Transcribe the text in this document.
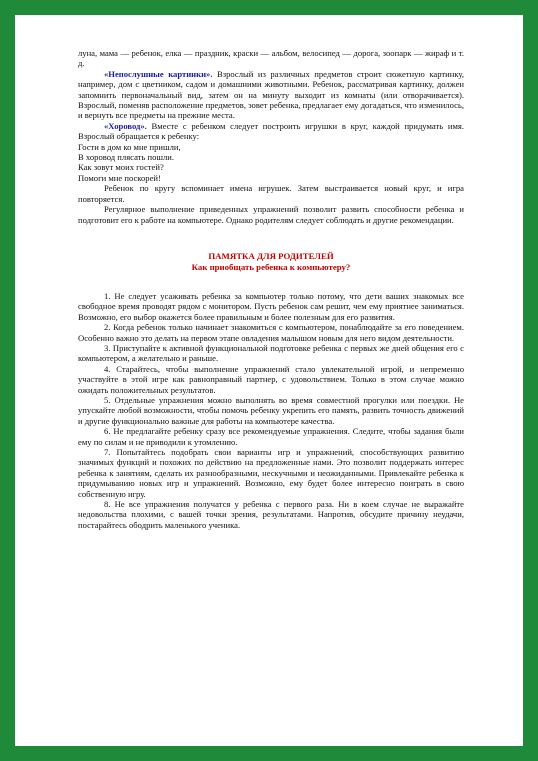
луна, мама — ребенок, елка — праздник, краски — альбом, велосипед — дорога, зоопарк — жираф и т. д.

«Непослушные картинки». Взрослый из различных предметов строит сюжетную картинку, например, дом с цветником, садом и домашними животными. Ребенок, рассматривая картинку, должен запомнить первоначальный вид, затем он на минуту выходит из комнаты (или отворачивается). Взрослый, поменяв расположение предметов, зовет ребенка, предлагает ему догадаться, что изменилось, и вернуть все предметы на прежние места.

«Хоровод». Вместе с ребенком следует построить игрушки в круг, каждой придумать имя. Взрослый обращается к ребенку:

Гости в дом ко мне пришли,

В хоровод плясать пошли.

Как зовут моих гостей?

Помоги мне поскорей!

Ребенок по кругу вспоминает имена игрушек. Затем выстраивается новый круг, и игра повторяется.

Регулярное выполнение приведенных упражнений позволит развить способности ребенка и подготовит его к работе на компьютере. Однако родителям следует соблюдать и другие рекомендации.

ПАМЯТКА ДЛЯ РОДИТЕЛЕЙ

Как приобщать ребенка к компьютеру?

1. Не следует усаживать ребенка за компьютер только потому, что дети ваших знакомых все свободное время проводят рядом с монитором. Пусть ребенок сам решит, чем ему приятнее заниматься. Возможно, его выбор окажется более правильным и более полезным для его развития.

2. Когда ребенок только начинает знакомиться с компьютером, понаблюдайте за его поведением. Особенно важно это делать на первом этапе овладения малышом новым для него видом деятельности.

3. Приступайте к активной функциональной подготовке ребенка с первых же дней общения его с компьютером, а желательно и раньше.

4. Старайтесь, чтобы выполнение упражнений стало увлекательной игрой, и непременно участвуйте в этой игре как равноправный партнер, с удовольствием. Только в этом случае можно ожидать положительных результатов.

5. Отдельные упражнения можно выполнять во время совместной прогулки или поездки. Не упускайте любой возможности, чтобы помочь ребенку укрепить его память, развить точность движений и другие функционально важные для работы на компьютере качества.

6. Не предлагайте ребенку сразу все рекомендуемые упражнения. Следите, чтобы задания были ему по силам и не приводили к утомлению.

7. Попытайтесь подобрать свои варианты игр и упражнений, способствующих развитию значимых функций и похожих по действию на предложенные нами. Это позволит поддержать интерес ребенка к занятиям, сделать их разнообразными, нескучными и неожиданными. Привлекайте ребенка к придумыванию новых игр и упражнений. Возможно, ему будет более интересно поиграть в свою собственную игру.

8. Не все упражнения получатся у ребенка с первого раза. Ни в коем случае не выражайте недовольства плохими, с вашей точки зрения, результатами. Напротив, обсудите причину неудачи, постарайтесь ободрить маленького ученика.
